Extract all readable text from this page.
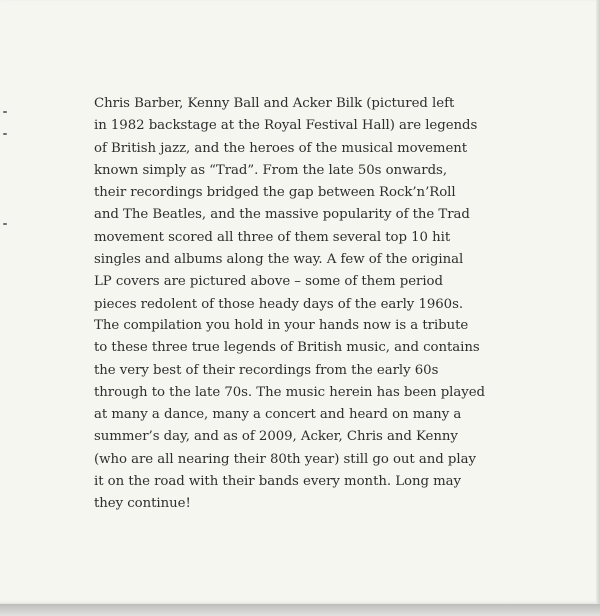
Chris Barber, Kenny Ball and Acker Bilk (pictured left
in 1982 backstage at the Royal Festival Hall) are legends
of British jazz, and the heroes of the musical movement
known simply as “Trad”. From the late 50s onwards,
their recordings bridged the gap between Rock’n’Roll
and The Beatles, and the massive popularity of the Trad
movement scored all three of them several top 10 hit
singles and albums along the way. A few of the original
LP covers are pictured above – some of them period
pieces redolent of those heady days of the early 1960s.

The compilation you hold in your hands now is a tribute
to these three true legends of British music, and contains
the very best of their recordings from the early 60s
through to the late 70s. The music herein has been played
at many a dance, many a concert and heard on many a
summer’s day, and as of 2009, Acker, Chris and Kenny
(who are all nearing their 80th year) still go out and play
it on the road with their bands every month. Long may
they continue!
